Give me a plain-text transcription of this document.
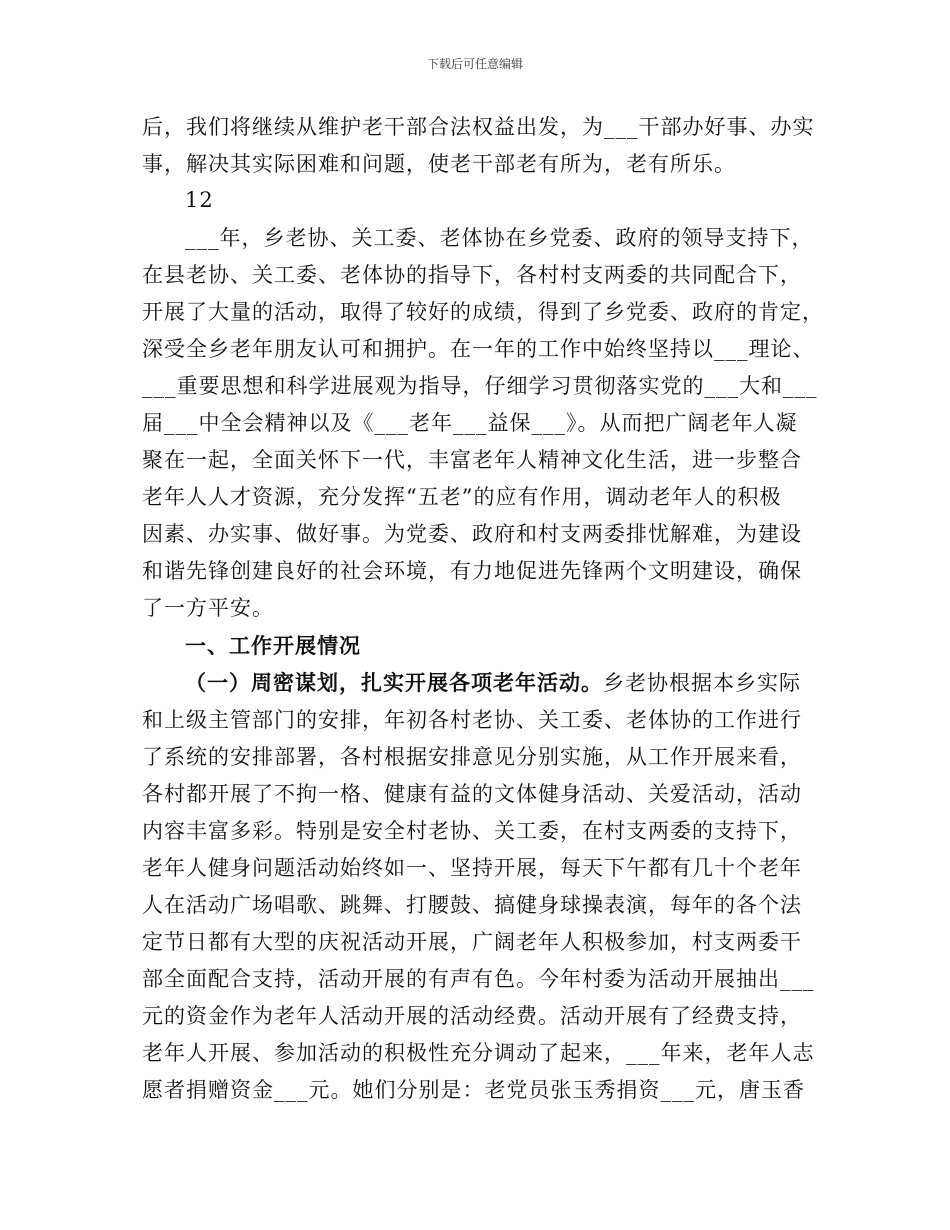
下载后可任意编辑
后，我们将继续从维护老干部合法权益出发，为___干部办好事、办实
事，解决其实际困难和问题，使老干部老有所为，老有所乐。
12
___年，乡老协、关工委、老体协在乡党委、政府的领导支持下，
在县老协、关工委、老体协的指导下，各村村支两委的共同配合下，
开展了大量的活动，取得了较好的成绩，得到了乡党委、政府的肯定，
深受全乡老年朋友认可和拥护。在一年的工作中始终坚持以___理论、
___重要思想和科学进展观为指导，仔细学习贯彻落实党的___大和___
届___中全会精神以及《___老年___益保___》。从而把广阔老年人凝
聚在一起，全面关怀下一代，丰富老年人精神文化生活，进一步整合
老年人人才资源，充分发挥“五老”的应有作用，调动老年人的积极
因素、办实事、做好事。为党委、政府和村支两委排忧解难，为建设
和谐先锋创建良好的社会环境，有力地促进先锋两个文明建设，确保
了一方平安。
一、工作开展情况
（一）周密谋划，扎实开展各项老年活动。乡老协根据本乡实际
和上级主管部门的安排，年初各村老协、关工委、老体协的工作进行
了系统的安排部署，各村根据安排意见分别实施，从工作开展来看，
各村都开展了不拘一格、健康有益的文体健身活动、关爱活动，活动
内容丰富多彩。特别是安全村老协、关工委，在村支两委的支持下，
老年人健身问题活动始终如一、坚持开展，每天下午都有几十个老年
人在活动广场唱歌、跳舞、打腰鼓、搞健身球操表演，每年的各个法
定节日都有大型的庆祝活动开展，广阔老年人积极参加，村支两委干
部全面配合支持，活动开展的有声有色。今年村委为活动开展抽出___
元的资金作为老年人活动开展的活动经费。活动开展有了经费支持，
老年人开展、参加活动的积极性充分调动了起来，___年来，老年人志
愿者捐赠资金___元。她们分别是：老党员张玉秀捐资___元，唐玉香
